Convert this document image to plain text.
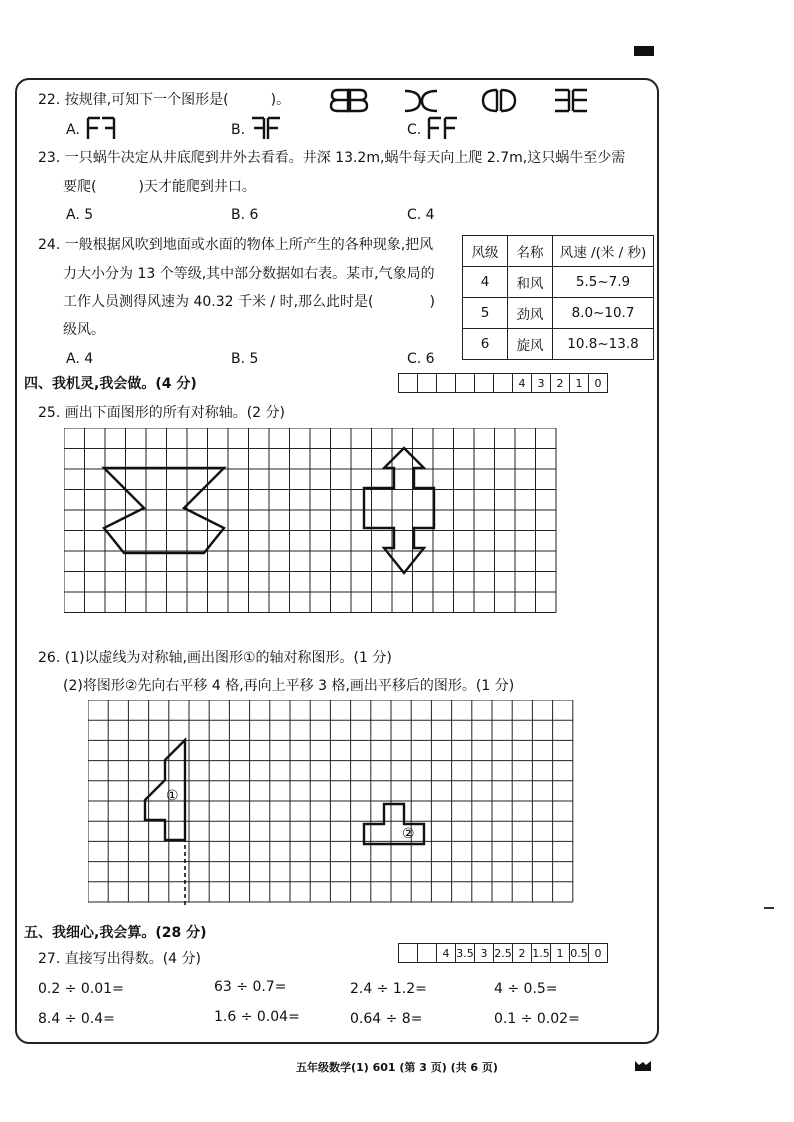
22. 按规律,可知下一个图形是(　　　)。
A.	B.	C.
23. 一只蜗牛决定从井底爬到井外去看看。井深 13.2m,蜗牛每天向上爬 2.7m,这只蜗牛至少需
要爬(　　　)天才能爬到井口。
A. 5	B. 6	C. 4
24. 一般根据风吹到地面或水面的物体上所产生的各种现象,把风
力大小分为 13 个等级,其中部分数据如右表。某市,气象局的
工作人员测得风速为 40.32 千米 / 时,那么此时是(　　　　)
级风。
A. 4	B. 5	C. 6
风级	名称	风速 /(米 / 秒)
4	和风	5.5~7.9
5	劲风	8.0~10.7
6	旋风	10.8~13.8
四、我机灵,我会做。(4 分)
							4	3	2	1	0
25. 画出下面图形的所有对称轴。(2 分)
26. (1)以虚线为对称轴,画出图形①的轴对称图形。(1 分)
(2)将图形②先向右平移 4 格,再向上平移 3 格,画出平移后的图形。(1 分)
①
②
五、我细心,我会算。(28 分)
27. 直接写出得数。(4 分)
			4	3.5	3	2.5	2	1.5	1	0.5	0
0.2 ÷ 0.01=	63 ÷ 0.7=	2.4 ÷ 1.2=	4 ÷ 0.5=
8.4 ÷ 0.4=	1.6 ÷ 0.04=	0.64 ÷ 8=	0.1 ÷ 0.02=
五年级数学(1) 601 (第 3 页) (共 6 页)
